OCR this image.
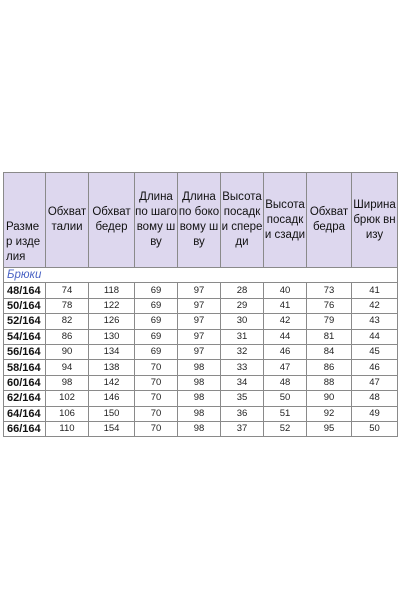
Размер изделия	Обхват талии	Обхват бедер	Длина по шаговому шву	Длина по боковому шву	Высота посадки спереди	Высота посадки сзади	Обхват бедра	Ширина брюк внизу
Брюки								
48/164	74	118	69	97	28	40	73	41
50/164	78	122	69	97	29	41	76	42
52/164	82	126	69	97	30	42	79	43
54/164	86	130	69	97	31	44	81	44
56/164	90	134	69	97	32	46	84	45
58/164	94	138	70	98	33	47	86	46
60/164	98	142	70	98	34	48	88	47
62/164	102	146	70	98	35	50	90	48
64/164	106	150	70	98	36	51	92	49
66/164	110	154	70	98	37	52	95	50
